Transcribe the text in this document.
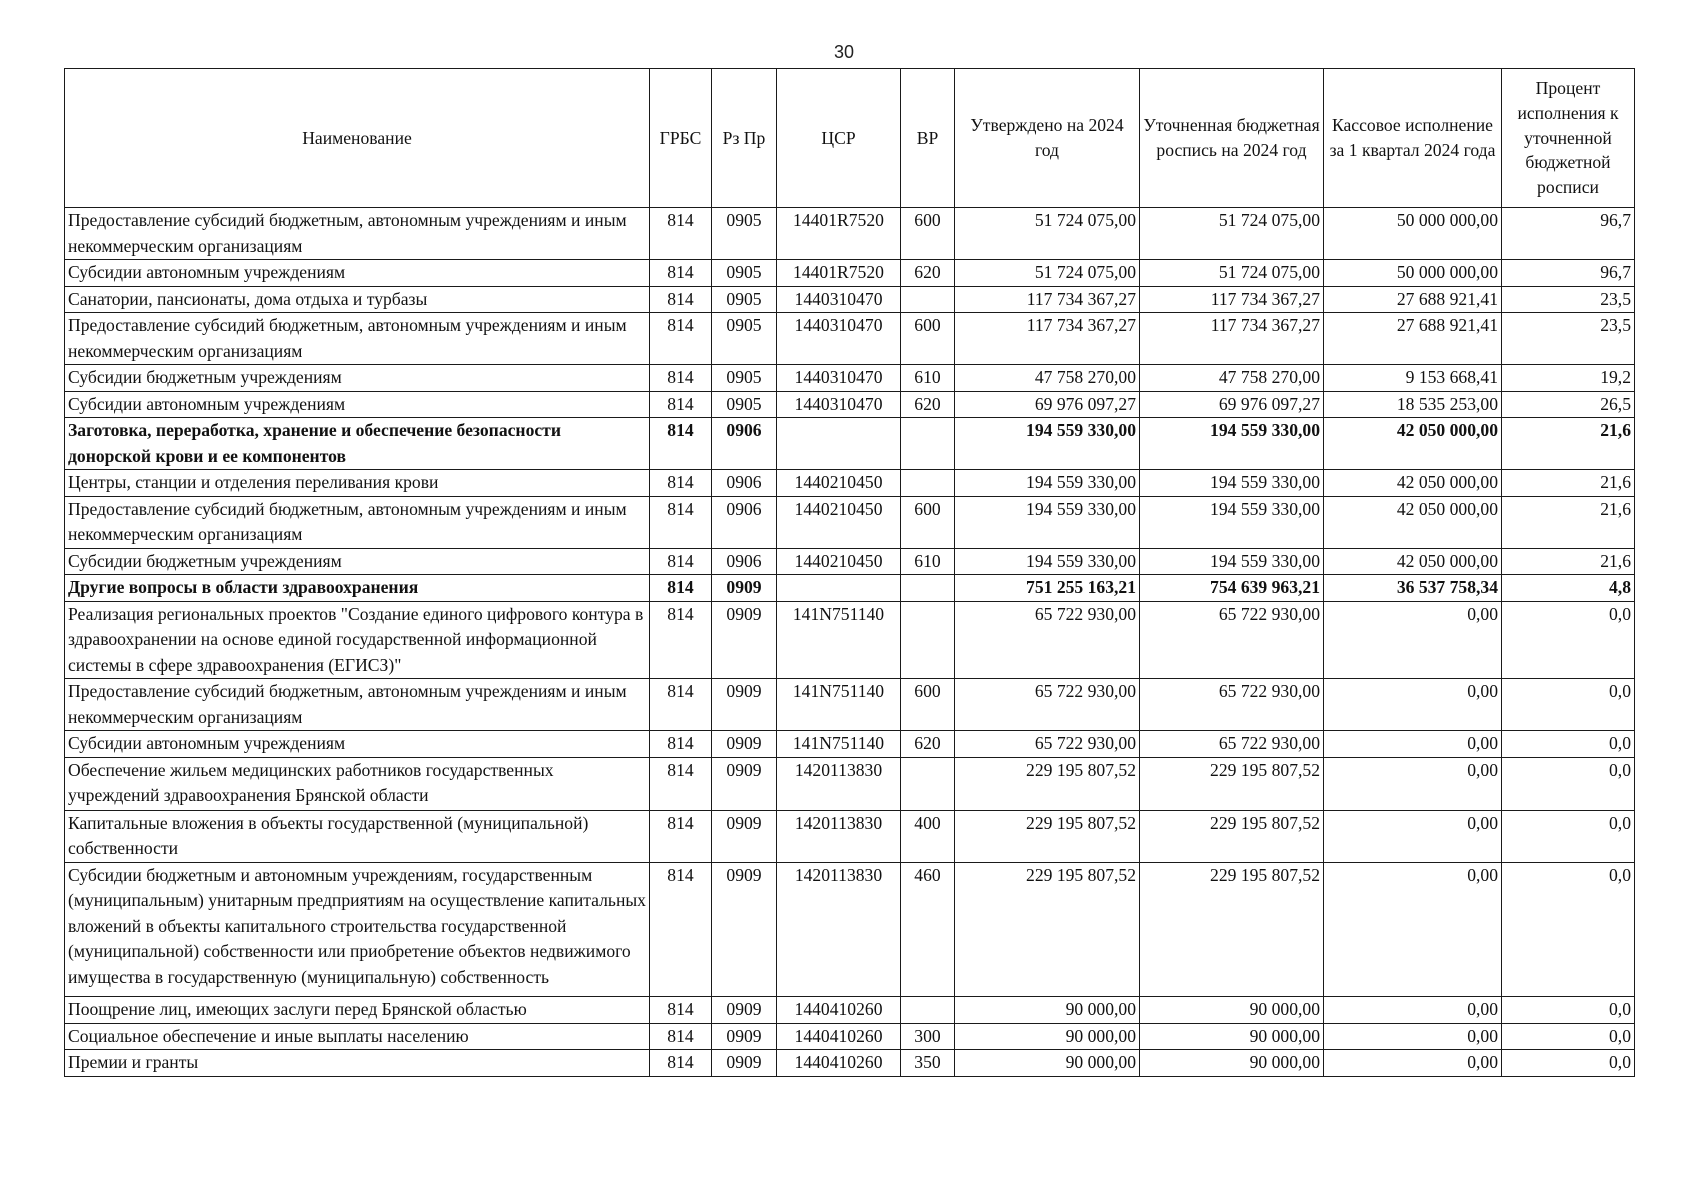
30
Наименование	ГРБС	Рз Пр	ЦСР	ВР	Утверждено на 2024 год	Уточненная бюджетная роспись на 2024 год	Кассовое исполнение за 1 квартал 2024 года	Процент исполнения к уточненной бюджетной росписи
Предоставление субсидий бюджетным, автономным учреждениям и иным некоммерческим организациям	814	0905	14401R7520	600	51 724 075,00	51 724 075,00	50 000 000,00	96,7
Субсидии автономным учреждениям	814	0905	14401R7520	620	51 724 075,00	51 724 075,00	50 000 000,00	96,7
Санатории, пансионаты, дома отдыха и турбазы	814	0905	1440310470		117 734 367,27	117 734 367,27	27 688 921,41	23,5
Предоставление субсидий бюджетным, автономным учреждениям и иным некоммерческим организациям	814	0905	1440310470	600	117 734 367,27	117 734 367,27	27 688 921,41	23,5
Субсидии бюджетным учреждениям	814	0905	1440310470	610	47 758 270,00	47 758 270,00	9 153 668,41	19,2
Субсидии автономным учреждениям	814	0905	1440310470	620	69 976 097,27	69 976 097,27	18 535 253,00	26,5
Заготовка, переработка, хранение и обеспечение безопасности донорской крови и ее компонентов	814	0906			194 559 330,00	194 559 330,00	42 050 000,00	21,6
Центры, станции и отделения переливания крови	814	0906	1440210450		194 559 330,00	194 559 330,00	42 050 000,00	21,6
Предоставление субсидий бюджетным, автономным учреждениям и иным некоммерческим организациям	814	0906	1440210450	600	194 559 330,00	194 559 330,00	42 050 000,00	21,6
Субсидии бюджетным учреждениям	814	0906	1440210450	610	194 559 330,00	194 559 330,00	42 050 000,00	21,6
Другие вопросы в области здравоохранения	814	0909			751 255 163,21	754 639 963,21	36 537 758,34	4,8
Реализация региональных проектов "Создание единого цифрового контура в здравоохранении на основе единой государственной информационной системы в сфере здравоохранения (ЕГИСЗ)"	814	0909	141N751140		65 722 930,00	65 722 930,00	0,00	0,0
Предоставление субсидий бюджетным, автономным учреждениям и иным некоммерческим организациям	814	0909	141N751140	600	65 722 930,00	65 722 930,00	0,00	0,0
Субсидии автономным учреждениям	814	0909	141N751140	620	65 722 930,00	65 722 930,00	0,00	0,0
Обеспечение жильем медицинских работников государственных учреждений здравоохранения Брянской области	814	0909	1420113830		229 195 807,52	229 195 807,52	0,00	0,0
Капитальные вложения в объекты государственной (муниципальной) собственности	814	0909	1420113830	400	229 195 807,52	229 195 807,52	0,00	0,0
Субсидии бюджетным и автономным учреждениям, государственным (муниципальным) унитарным предприятиям на осуществление капитальных вложений в объекты капитального строительства государственной (муниципальной) собственности или приобретение объектов недвижимого имущества в государственную (муниципальную) собственность	814	0909	1420113830	460	229 195 807,52	229 195 807,52	0,00	0,0
Поощрение лиц, имеющих заслуги перед Брянской областью	814	0909	1440410260		90 000,00	90 000,00	0,00	0,0
Социальное обеспечение и иные выплаты населению	814	0909	1440410260	300	90 000,00	90 000,00	0,00	0,0
Премии и гранты	814	0909	1440410260	350	90 000,00	90 000,00	0,00	0,0
